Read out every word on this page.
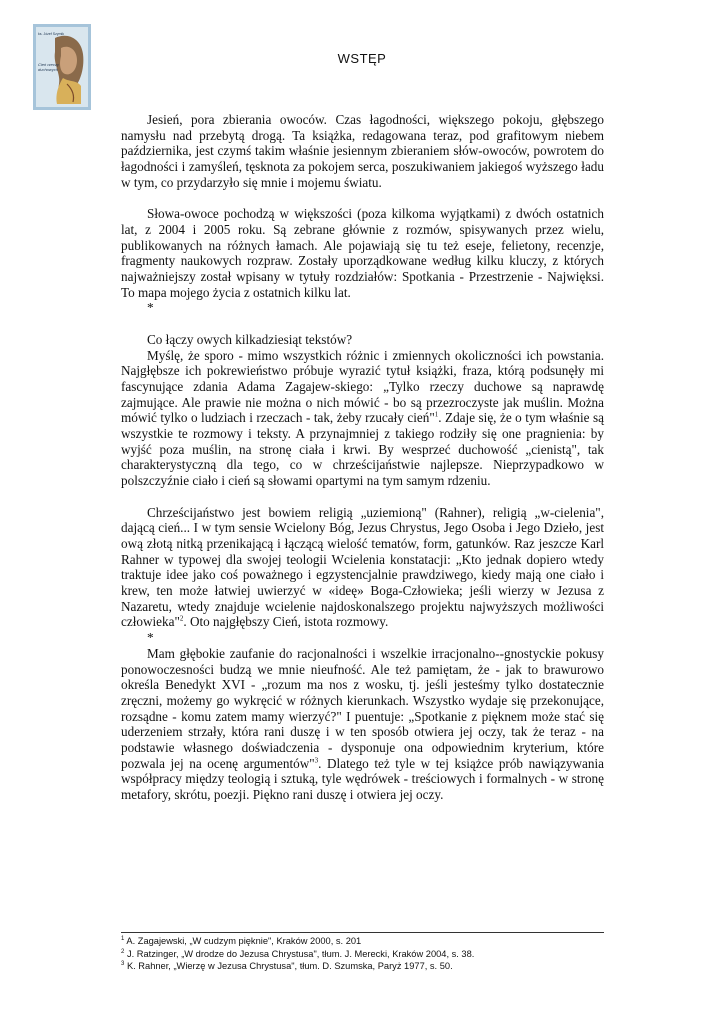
ks. Józef Szymik
Cień rzeczy duchowych
WSTĘP

Jesień, pora zbierania owoców. Czas łagodności, większego pokoju, głębszego namysłu nad przebytą drogą. Ta książka, redagowana teraz, pod grafitowym niebem października, jest czymś takim właśnie jesiennym zbieraniem słów-owoców, powrotem do łagodności i zamyśleń, tęsknota za pokojem serca, poszukiwaniem jakiegoś wyższego ładu w tym, co przydarzyło się mnie i mojemu światu.

Słowa-owoce pochodzą w większości (poza kilkoma wyjątkami) z dwóch ostatnich lat, z 2004 i 2005 roku. Są zebrane głównie z rozmów, spisywanych przez wielu, publikowanych na różnych łamach. Ale pojawiają się tu też eseje, felietony, recenzje, fragmenty naukowych rozpraw. Zostały uporządkowane według kilku kluczy, z których najważniejszy został wpisany w tytuły rozdziałów: Spotkania - Przestrzenie - Najwięksi. To mapa mojego życia z ostatnich kilku lat.

*

Co łączy owych kilkadziesiąt tekstów?

Myślę, że sporo - mimo wszystkich różnic i zmiennych okoliczności ich powstania. Najgłębsze ich pokrewieństwo próbuje wyrazić tytuł książki, fraza, którą podsunęły mi fascynujące zdania Adama Zagajew-skiego: „Tylko rzeczy duchowe są naprawdę zajmujące. Ale prawie nie można o nich mówić - bo są przezroczyste jak muślin. Można mówić tylko o ludziach i rzeczach - tak, żeby rzucały cień"$^1$. Zdaje się, że o tym właśnie są wszystkie te rozmowy i teksty. A przynajmniej z takiego rodziły się one pragnienia: by wyjść poza muślin, na stronę ciała i krwi. By wesprzeć duchowość „cienistą", tak charakterystyczną dla tego, co w chrześcijaństwie najlepsze. Nieprzypadkowo w polszczyźnie ciało i cień są słowami opartymi na tym samym rdzeniu.

Chrześcijaństwo jest bowiem religią „uziemioną" (Rahner), religią „w-cielenia", dającą cień... I w tym sensie Wcielony Bóg, Jezus Chrystus, Jego Osoba i Jego Dzieło, jest ową złotą nitką przenikającą i łączącą wielość tematów, form, gatunków. Raz jeszcze Karl Rahner w typowej dla swojej teologii Wcielenia konstatacji: „Kto jednak dopiero wtedy traktuje idee jako coś poważnego i egzystencjalnie prawdziwego, kiedy mają one ciało i krew, ten może łatwiej uwierzyć w «ideę» Boga-Człowieka; jeśli wierzy w Jezusa z Nazaretu, wtedy znajduje wcielenie najdoskonalszego projektu najwyższych możliwości człowieka"$^2$. Oto najgłębszy Cień, istota rozmowy.

*

Mam głębokie zaufanie do racjonalności i wszelkie irracjonalno--gnostyckie pokusy ponowoczesności budzą we mnie nieufność. Ale też pamiętam, że - jak to brawurowo określa Benedykt XVI - „rozum ma nos z wosku, tj. jeśli jesteśmy tylko dostatecznie zręczni, możemy go wykręcić w różnych kierunkach. Wszystko wydaje się przekonujące, rozsądne - komu zatem mamy wierzyć?" I puentuje: „Spotkanie z pięknem może stać się uderzeniem strzały, która rani duszę i w ten sposób otwiera jej oczy, tak że teraz - na podstawie własnego doświadczenia - dysponuje ona odpowiednim kryterium, które pozwala jej na ocenę argumentów"$^3$. Dlatego też tyle w tej książce prób nawiązywania współpracy między teologią i sztuką, tyle wędrówek - treściowych i formalnych - w stronę metafory, skrótu, poezji. Piękno rani duszę i otwiera jej oczy.

$^1$ A. Zagajewski, „W cudzym pięknie", Kraków 2000, s. 201

$^2$ J. Ratzinger, „W drodze do Jezusa Chrystusa", tłum. J. Merecki, Kraków 2004, s. 38.

$^3$ K. Rahner, „Wierzę w Jezusa Chrystusa", tłum. D. Szumska, Paryż 1977, s. 50.
